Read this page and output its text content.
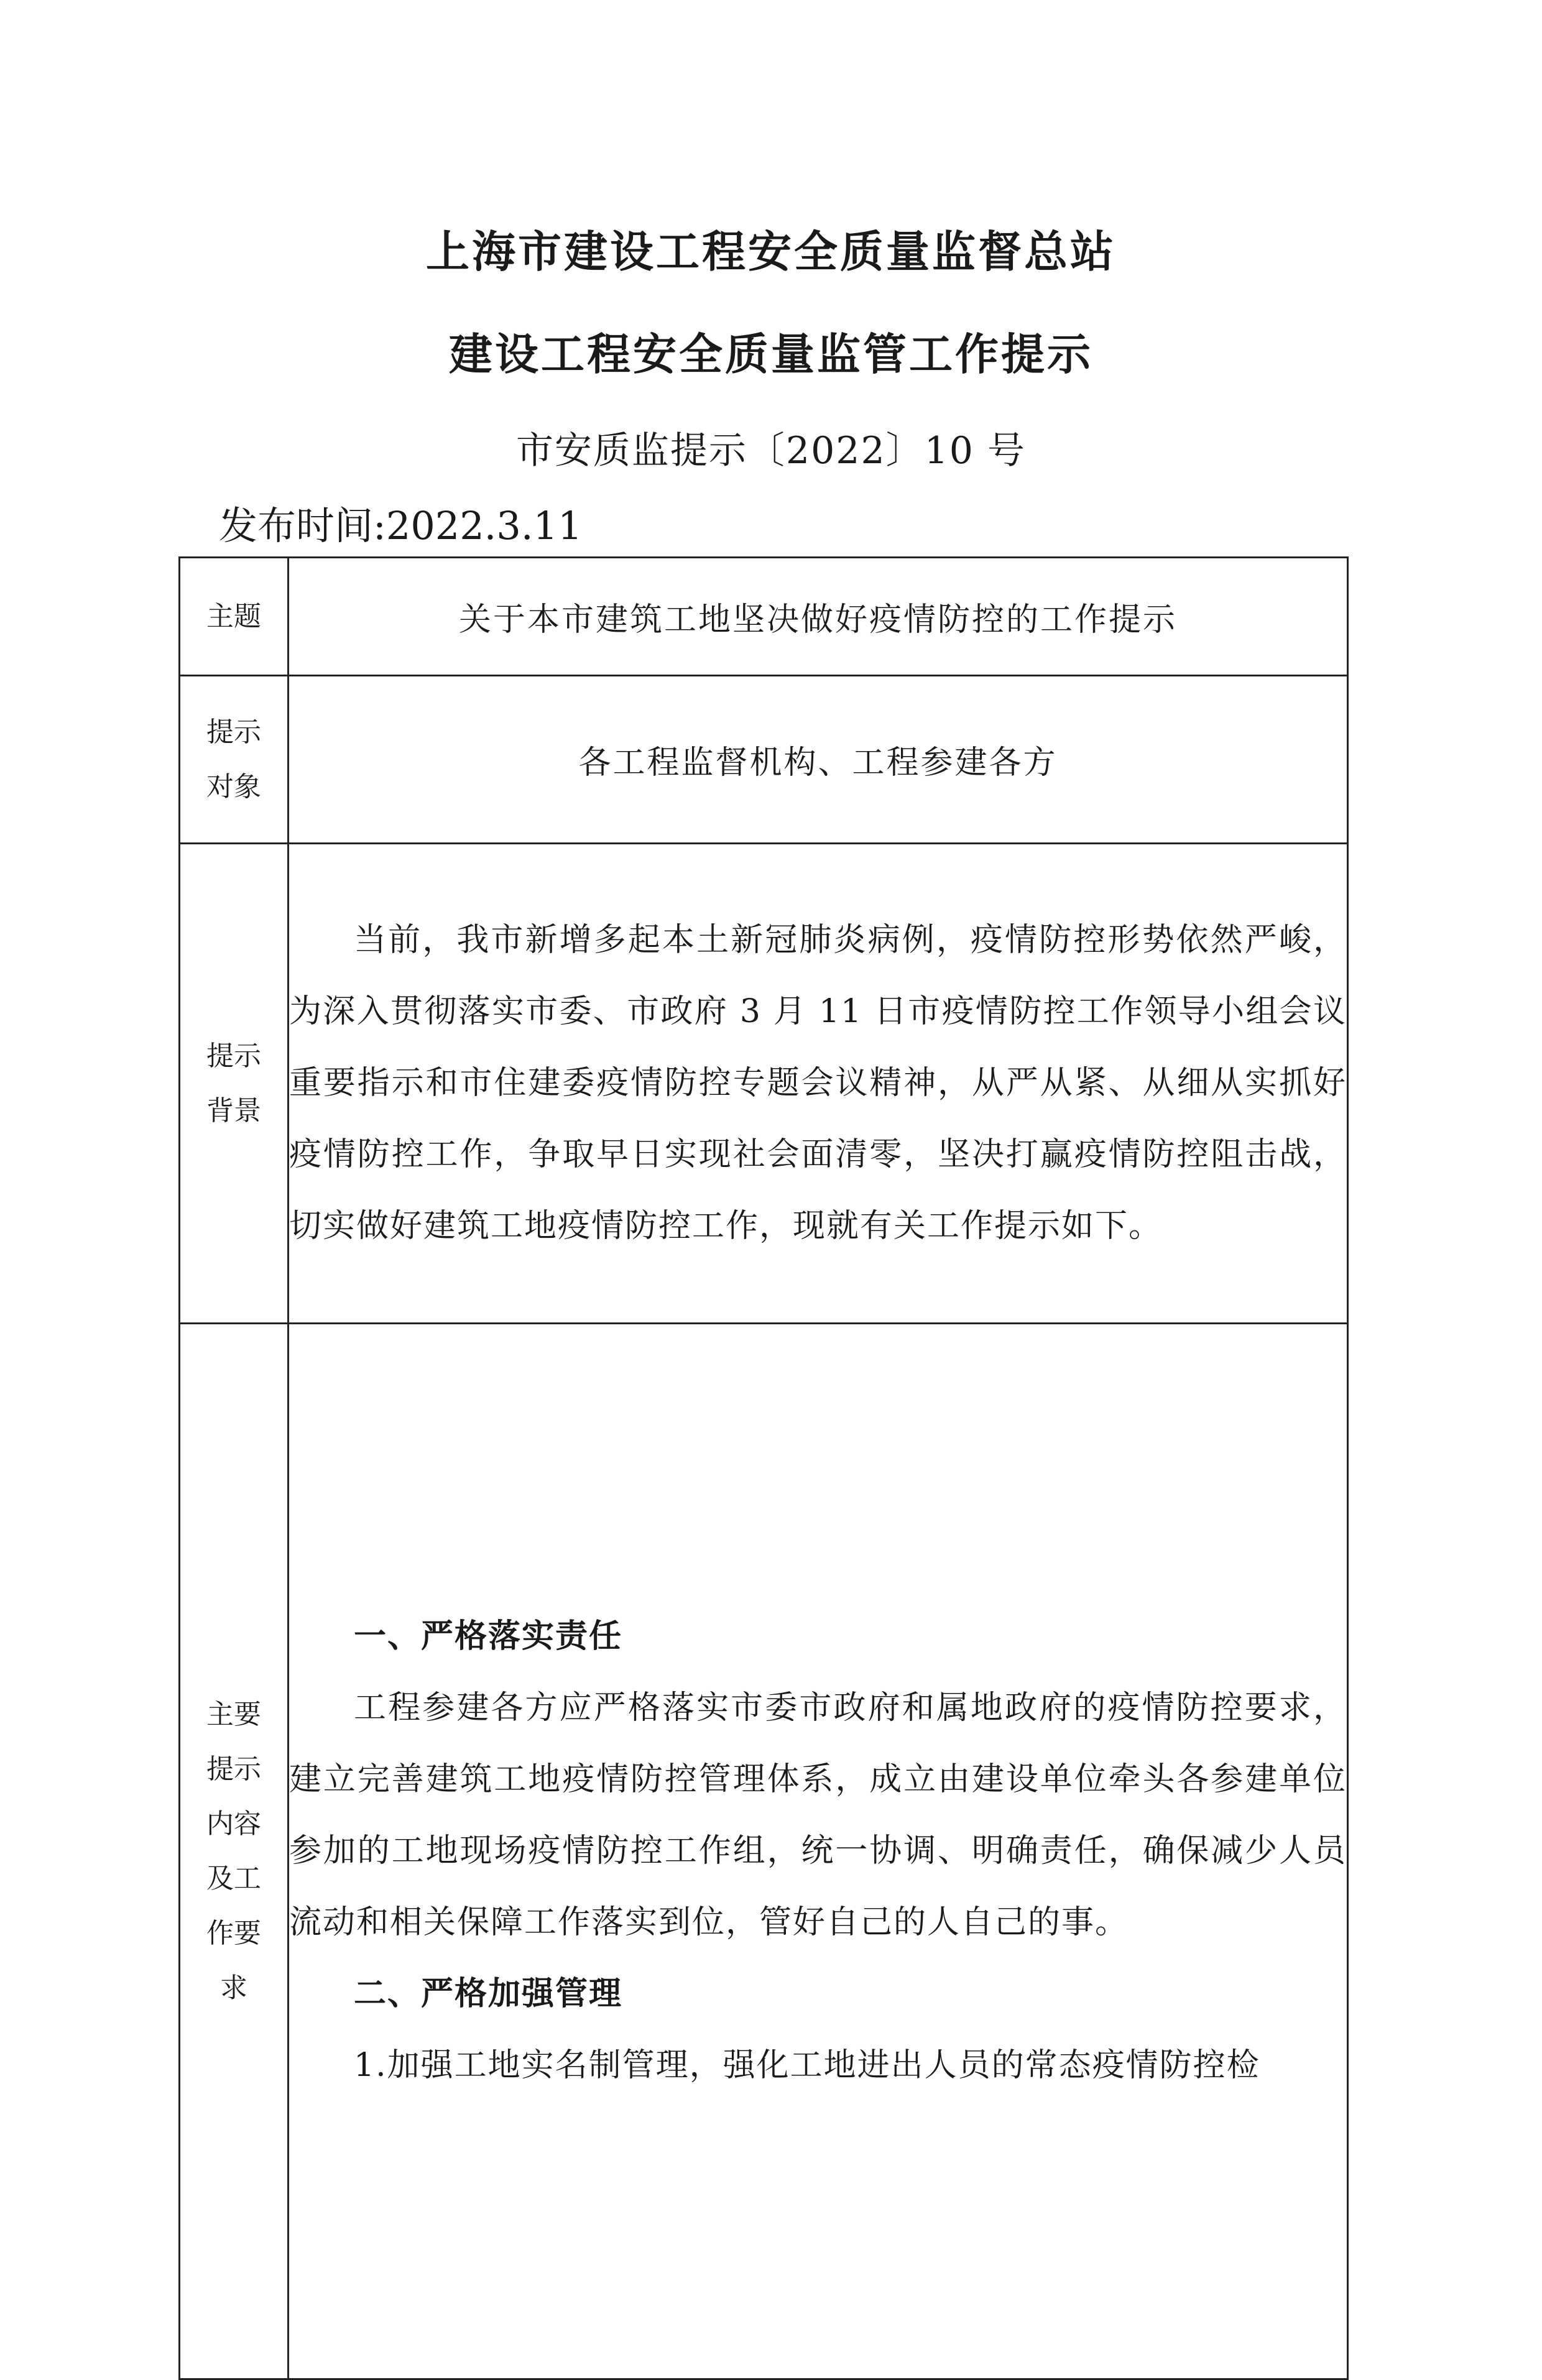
上海市建设工程安全质量监督总站
建设工程安全质量监管工作提示
市安质监提示〔2022〕10 号
发布时间:2022.3.11
主题	关于本市建筑工地坚决做好疫情防控的工作提示
提示对象	各工程监督机构、工程参建各方
提示背景	当前，我市新增多起本土新冠肺炎病例，疫情防控形势依然严峻，为深入贯彻落实市委、市政府 3 月 11 日市疫情防控工作领导小组会议重要指示和市住建委疫情防控专题会议精神，从严从紧、从细从实抓好疫情防控工作，争取早日实现社会面清零，坚决打赢疫情防控阻击战，切实做好建筑工地疫情防控工作，现就有关工作提示如下。

主要提示内容及工作要求	一、严格落实责任

工程参建各方应严格落实市委市政府和属地政府的疫情防控要求，建立完善建筑工地疫情防控管理体系，成立由建设单位牵头各参建单位参加的工地现场疫情防控工作组，统一协调、明确责任，确保减少人员流动和相关保障工作落实到位，管好自己的人自己的事。

二、严格加强管理

1.加强工地实名制管理，强化工地进出人员的常态疫情防控检
